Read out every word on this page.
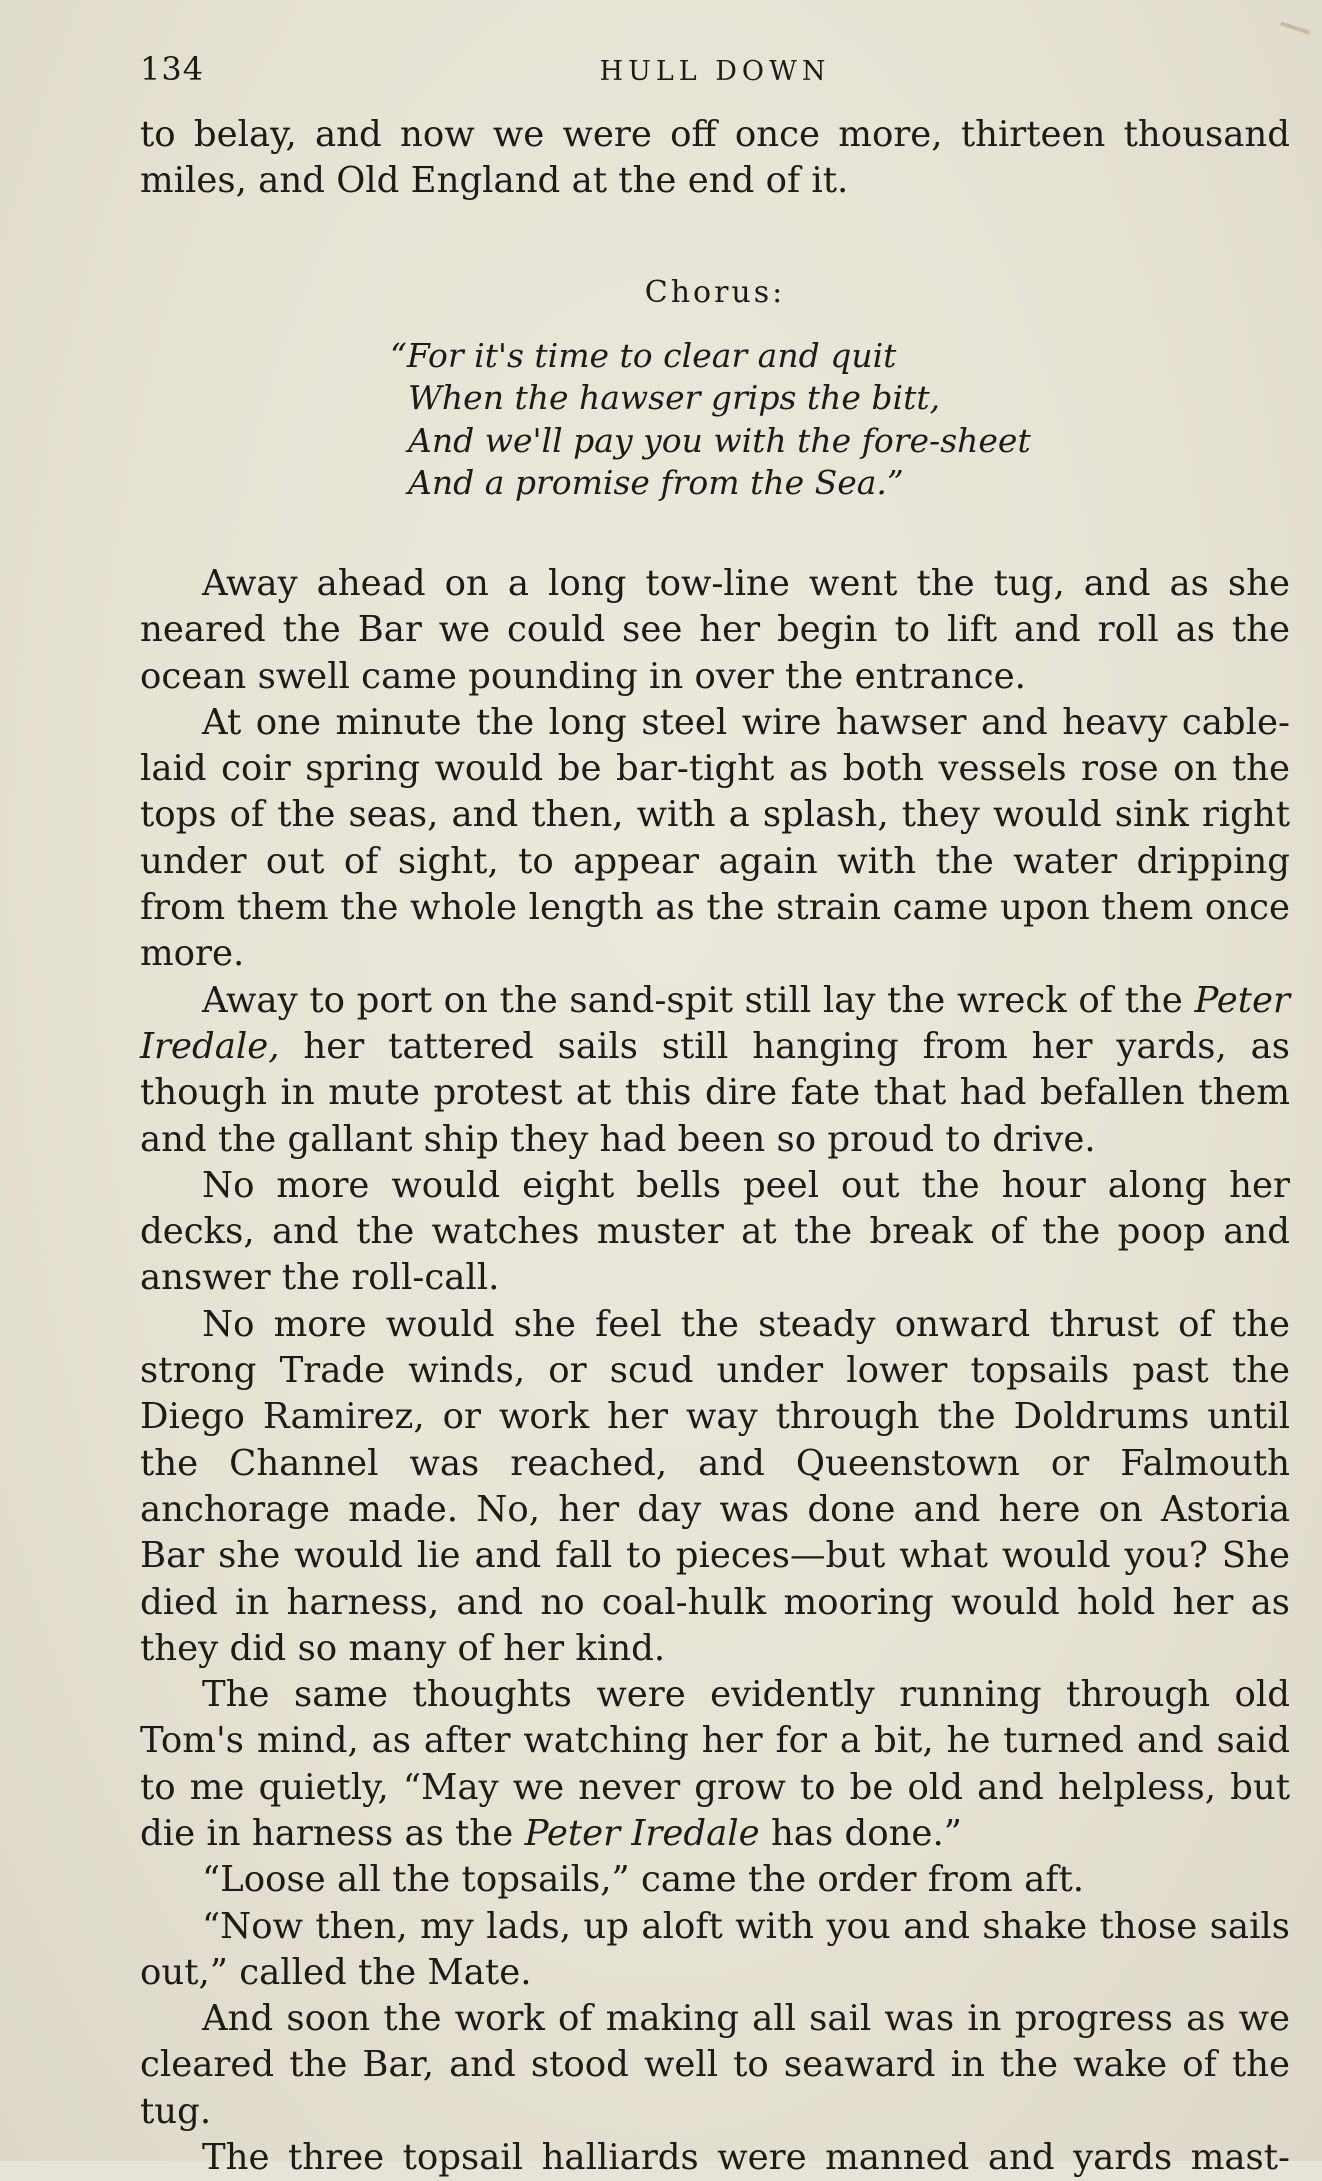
134	HULL DOWN

to belay, and now we were off once more, thirteen thousand miles, and Old England at the end of it.

Chorus:

“For it's time to clear and quit

When the hawser grips the bitt,

And we'll pay you with the fore-sheet

And a promise from the Sea.”

Away ahead on a long tow-line went the tug, and as she neared the Bar we could see her begin to lift and roll as the ocean swell came pounding in over the entrance.

At one minute the long steel wire hawser and heavy cable-laid coir spring would be bar-tight as both vessels rose on the tops of the seas, and then, with a splash, they would sink right under out of sight, to appear again with the water dripping from them the whole length as the strain came upon them once more.

Away to port on the sand-spit still lay the wreck of the Peter Iredale, her tattered sails still hanging from her yards, as though in mute protest at this dire fate that had befallen them and the gallant ship they had been so proud to drive.

No more would eight bells peel out the hour along her decks, and the watches muster at the break of the poop and answer the roll-call.

No more would she feel the steady onward thrust of the strong Trade winds, or scud under lower topsails past the Diego Ramirez, or work her way through the Doldrums until the Channel was reached, and Queenstown or Falmouth anchorage made. No, her day was done and here on Astoria Bar she would lie and fall to pieces—but what would you? She died in harness, and no coal-hulk mooring would hold her as they did so many of her kind.

The same thoughts were evidently running through old Tom's mind, as after watching her for a bit, he turned and said to me quietly, “May we never grow to be old and helpless, but die in harness as the Peter Iredale has done.”

“Loose all the topsails,” came the order from aft.

“Now then, my lads, up aloft with you and shake those sails out,” called the Mate.

And soon the work of making all sail was in progress as we cleared the Bar, and stood well to seaward in the wake of the tug.

The three topsail halliards were manned and yards mast-
